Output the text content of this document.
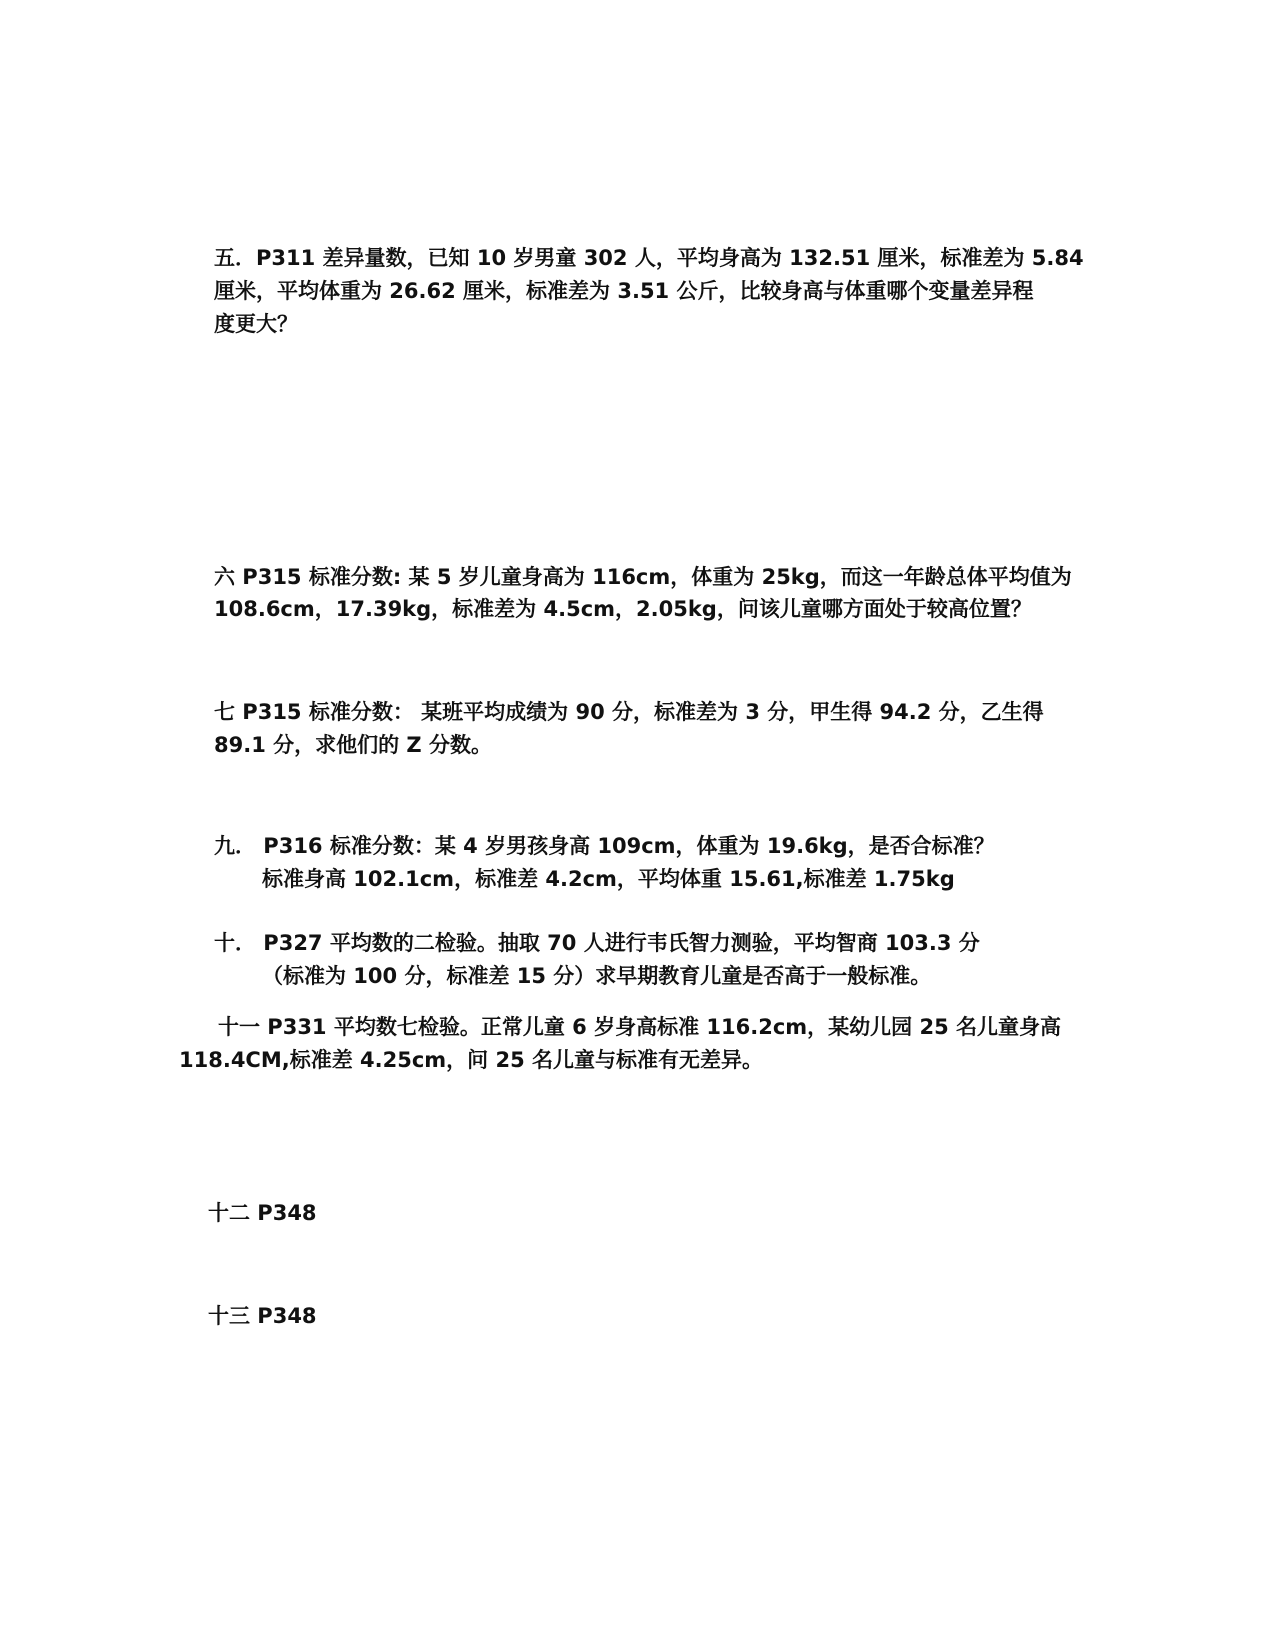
五．P311 差异量数，已知 10 岁男童 302 人，平均身高为 132.51 厘米，标准差为 5.84
厘米，平均体重为 26.62 厘米，标准差为 3.51 公斤，比较身高与体重哪个变量差异程
度更大？
六 P315 标准分数: 某 5 岁儿童身高为 116cm，体重为 25kg，而这一年龄总体平均值为
108.6cm，17.39kg，标准差为 4.5cm，2.05kg，问该儿童哪方面处于较高位置？
七 P315 标准分数： 某班平均成绩为 90 分，标准差为 3 分，甲生得 94.2 分，乙生得
89.1 分，求他们的 Z 分数。
九． P316 标准分数：某 4 岁男孩身高 109cm，体重为 19.6kg，是否合标准？
标准身高 102.1cm，标准差 4.2cm，平均体重 15.61,标准差 1.75kg
十． P327 平均数的二检验。抽取 70 人进行韦氏智力测验，平均智商 103.3 分
（标准为 100 分，标准差 15 分）求早期教育儿童是否高于一般标准。
十一 P331 平均数七检验。正常儿童 6 岁身高标准 116.2cm，某幼儿园 25 名儿童身高
118.4CM,标准差 4.25cm，问 25 名儿童与标准有无差异。
十二 P348
十三 P348
